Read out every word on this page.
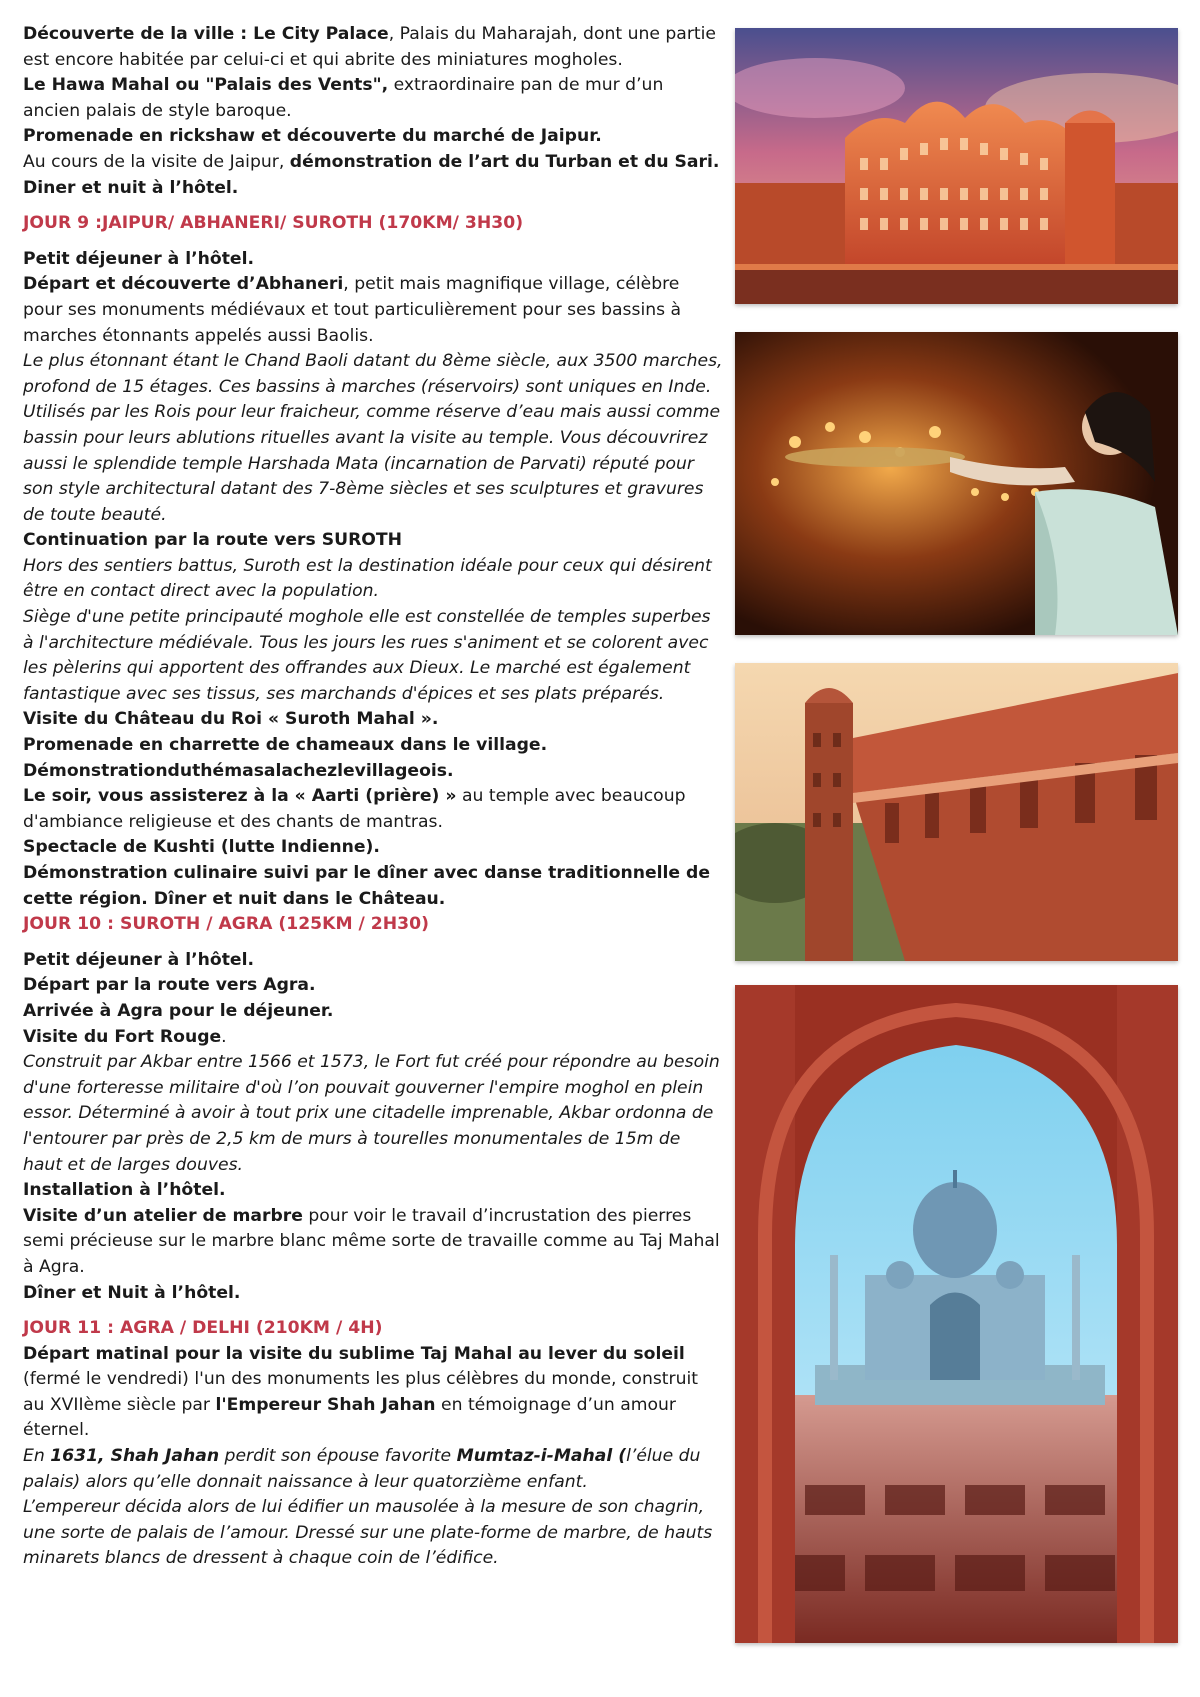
Découverte de la ville : Le City Palace, Palais du Maharajah, dont une partie est encore habitée par celui-ci et qui abrite des miniatures mogholes.

Le Hawa Mahal ou "Palais des Vents", extraordinaire pan de mur d’un ancien palais de style baroque.

Promenade en rickshaw et découverte du marché de Jaipur.

Au cours de la visite de Jaipur, démonstration de l’art du Turban et du Sari.

Diner et nuit à l’hôtel.

JOUR 9 :JAIPUR/ ABHANERI/ SUROTH (170KM/ 3H30)

Petit déjeuner à l’hôtel.

Départ et découverte d’Abhaneri, petit mais magnifique village, célèbre pour ses monuments médiévaux et tout particulièrement pour ses bassins à marches étonnants appelés aussi Baolis.

Le plus étonnant étant le Chand Baoli datant du 8ème siècle, aux 3500 marches, profond de 15 étages. Ces bassins à marches (réservoirs) sont uniques en Inde. Utilisés par les Rois pour leur fraicheur, comme réserve d’eau mais aussi comme bassin pour leurs ablutions rituelles avant la visite au temple. Vous découvrirez aussi le splendide temple Harshada Mata (incarnation de Parvati) réputé pour son style architectural datant des 7-8ème siècles et ses sculptures et gravures de toute beauté.

Continuation par la route vers SUROTH

Hors des sentiers battus, Suroth est la destination idéale pour ceux qui désirent être en contact direct avec la population.

Siège d'une petite principauté moghole elle est constellée de temples superbes à l'architecture médiévale. Tous les jours les rues s'animent et se colorent avec les pèlerins qui apportent des offrandes aux Dieux. Le marché est également fantastique avec ses tissus, ses marchands d'épices et ses plats préparés.

Visite du Château du Roi « Suroth Mahal ».

Promenade en charrette de chameaux dans le village.

Démonstrationduthémasalachezlevillageois.

Le soir, vous assisterez à la « Aarti (prière) » au temple avec beaucoup d'ambiance religieuse et des chants de mantras.

Spectacle de Kushti (lutte Indienne).

Démonstration culinaire suivi par le dîner avec danse traditionnelle de cette région. Dîner et nuit dans le Château.

JOUR 10 : SUROTH / AGRA (125KM / 2H30)

Petit déjeuner à l’hôtel.

Départ par la route vers Agra.

Arrivée à Agra pour le déjeuner.

Visite du Fort Rouge.

Construit par Akbar entre 1566 et 1573, le Fort fut créé pour répondre au besoin d'une forteresse militaire d'où l’on pouvait gouverner l'empire moghol en plein essor. Déterminé à avoir à tout prix une citadelle imprenable, Akbar ordonna de l'entourer par près de 2,5 km de murs à tourelles monumentales de 15m de haut et de larges douves.

Installation à l’hôtel.

Visite d’un atelier de marbre pour voir le travail d’incrustation des pierres semi précieuse sur le marbre blanc même sorte de travaille comme au Taj Mahal à Agra.

Dîner et Nuit à l’hôtel.

JOUR 11 : AGRA / DELHI (210KM / 4H)

Départ matinal pour la visite du sublime Taj Mahal au lever du soleil (fermé le vendredi) l'un des monuments les plus célèbres du monde, construit au XVIIème siècle par l'Empereur Shah Jahan en témoignage d’un amour éternel.

En 1631, Shah Jahan perdit son épouse favorite Mumtaz-i-Mahal (l’élue du palais) alors qu’elle donnait naissance à leur quatorzième enfant.

L’empereur décida alors de lui édifier un mausolée à la mesure de son chagrin, une sorte de palais de l’amour. Dressé sur une plate-forme de marbre, de hauts minarets blancs de dressent à chaque coin de l’édifice.
